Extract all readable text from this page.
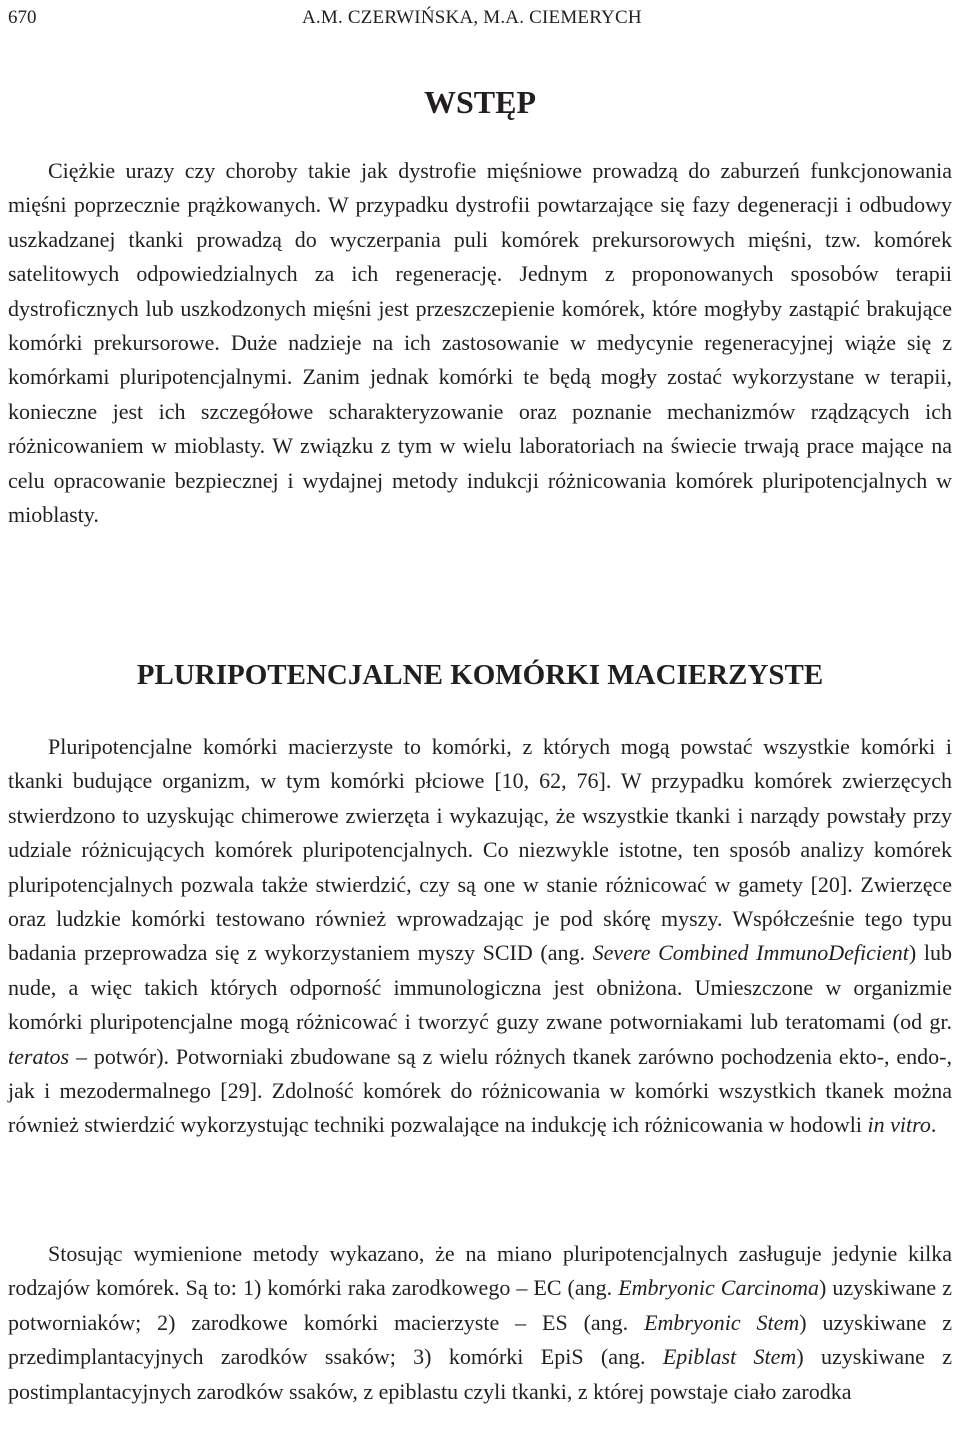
670	A.M. CZERWIŃSKA, M.A. CIEMERYCH
WSTĘP

Ciężkie urazy czy choroby takie jak dystrofie mięśniowe prowadzą do zaburzeń funkcjonowania mięśni poprzecznie prążkowanych. W przypadku dystrofii powtarzające się fazy degeneracji i odbudowy uszkadzanej tkanki prowadzą do wyczerpania puli komórek prekursorowych mięśni, tzw. komórek satelitowych odpowiedzialnych za ich regenerację. Jednym z proponowanych sposobów terapii dystroficznych lub uszkodzonych mięśni jest przeszczepienie komórek, które mogłyby zastąpić brakujące komórki prekursorowe. Duże nadzieje na ich zastosowanie w medycynie regeneracyjnej wiąże się z komórkami pluripotencjalnymi. Zanim jednak komórki te będą mogły zostać wykorzystane w terapii, konieczne jest ich szczegółowe scharakteryzowanie oraz poznanie mechanizmów rządzących ich różnicowaniem w mioblasty. W związku z tym w wielu laboratoriach na świecie trwają prace mające na celu opracowanie bezpiecznej i wydajnej metody indukcji różnicowania komórek pluripotencjalnych w mioblasty.

PLURIPOTENCJALNE KOMÓRKI MACIERZYSTE

Pluripotencjalne komórki macierzyste to komórki, z których mogą powstać wszystkie komórki i tkanki budujące organizm, w tym komórki płciowe [10, 62, 76]. W przypadku komórek zwierzęcych stwierdzono to uzyskując chimerowe zwierzęta i wykazując, że wszystkie tkanki i narządy powstały przy udziale różnicujących komórek pluripotencjalnych. Co niezwykle istotne, ten sposób analizy komórek pluripotencjalnych pozwala także stwierdzić, czy są one w stanie różnicować w gamety [20]. Zwierzęce oraz ludzkie komórki testowano również wprowadzając je pod skórę myszy. Współcześnie tego typu badania przeprowadza się z wykorzystaniem myszy SCID (ang. Severe Combined ImmunoDeficient) lub nude, a więc takich których odporność immunologiczna jest obniżona. Umieszczone w organizmie komórki pluripotencjalne mogą różnicować i tworzyć guzy zwane potworniakami lub teratomami (od gr. teratos – potwór). Potworniaki zbudowane są z wielu różnych tkanek zarówno pochodzenia ekto-, endo-, jak i mezodermalnego [29]. Zdolność komórek do różnicowania w komórki wszystkich tkanek można również stwierdzić wykorzystując techniki pozwalające na indukcję ich różnicowania w hodowli in vitro.

Stosując wymienione metody wykazano, że na miano pluripotencjalnych zasługuje jedynie kilka rodzajów komórek. Są to: 1) komórki raka zarodkowego – EC (ang. Embryonic Carcinoma) uzyskiwane z potworniaków; 2) zarodkowe komórki macierzyste – ES (ang. Embryonic Stem) uzyskiwane z przedimplantacyjnych zarodków ssaków; 3) komórki EpiS (ang. Epiblast Stem) uzyskiwane z postimplantacyjnych zarodków ssaków, z epiblastu czyli tkanki, z której powstaje ciało zarodka
